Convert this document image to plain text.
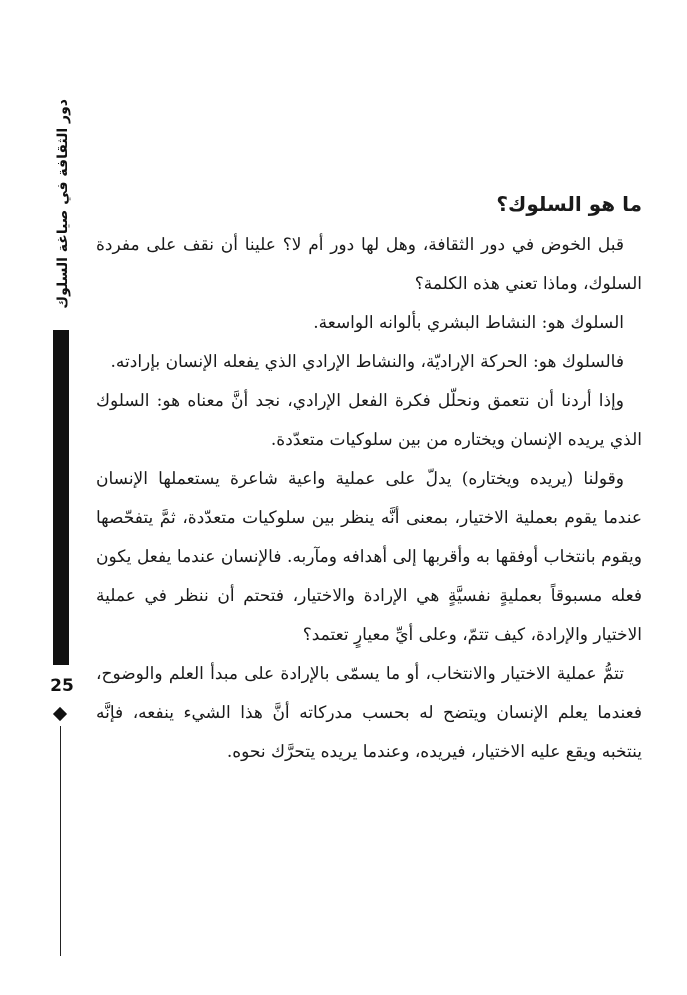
دور الثقافة في صياغة السلوك
25
ما هو السلوك؟

قبل الخوض في دور الثقافة، وهل لها دور أم لا؟ علينا أن نقف على مفردة السلوك، وماذا تعني هذه الكلمة؟

السلوك هو: النشاط البشري بألوانه الواسعة.

فالسلوك هو: الحركة الإراديّة، والنشاط الإرادي الذي يفعله الإنسان بإرادته.

وإذا أردنا أن نتعمق ونحلّل فكرة الفعل الإرادي، نجد أنَّ معناه هو: السلوك الذي يريده الإنسان ويختاره من بين سلوكيات متعدّدة.

وقولنا (يريده ويختاره) يدلّ على عملية واعية شاعرة يستعملها الإنسان عندما يقوم بعملية الاختيار، بمعنى أنَّه ينظر بين سلوكيات متعدّدة، ثمَّ يتفحّصها ويقوم بانتخاب أوفقها به وأقربها إلى أهدافه ومآربه. فالإنسان عندما يفعل يكون فعله مسبوقاً بعمليةٍ نفسيَّةٍ هي الإرادة والاختيار، فتحتم أن ننظر في عملية الاختيار والإرادة، كيف تتمّ، وعلى أيِّ معيارٍ تعتمد؟

تتمُّ عملية الاختيار والانتخاب، أو ما يسمّى بالإرادة على مبدأ العلم والوضوح، فعندما يعلم الإنسان ويتضح له بحسب مدركاته أنَّ هذا الشيء ينفعه، فإنَّه ينتخبه ويقع عليه الاختيار، فيريده، وعندما يريده يتحرَّك نحوه.
